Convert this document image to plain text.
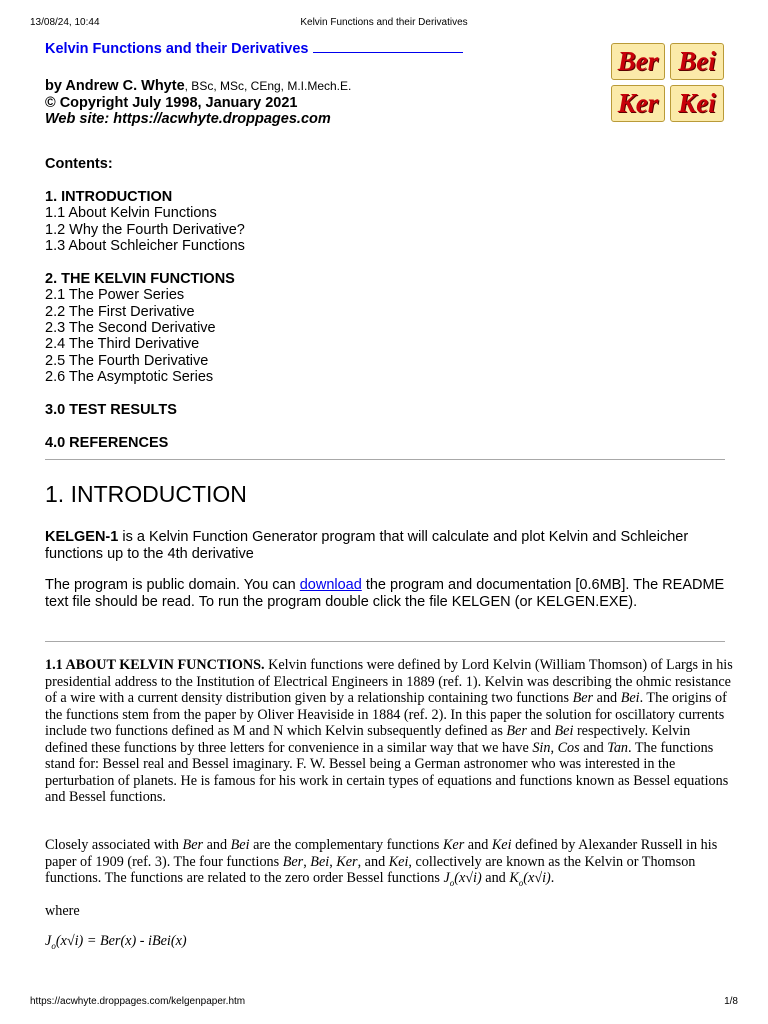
13/08/24, 10:44	Kelvin Functions and their Derivatives
Kelvin Functions and their Derivatives	Ber Bei
Ker Kei
by Andrew C. Whyte, BSc, MSc, CEng, M.I.Mech.E.
© Copyright July 1998, January 2021
Web site: https://acwhyte.droppages.com
Contents:
1. INTRODUCTION
1.1 About Kelvin Functions
1.2 Why the Fourth Derivative?
1.3 About Schleicher Functions
2. THE KELVIN FUNCTIONS
2.1 The Power Series
2.2 The First Derivative
2.3 The Second Derivative
2.4 The Third Derivative
2.5 The Fourth Derivative
2.6 The Asymptotic Series
3.0 TEST RESULTS
4.0 REFERENCES
1. INTRODUCTION
KELGEN-1 is a Kelvin Function Generator program that will calculate and plot Kelvin and Schleicher functions up to the 4th derivative
The program is public domain. You can download the program and documentation [0.6MB]. The README text file should be read. To run the program double click the file KELGEN (or KELGEN.EXE).
1.1 ABOUT KELVIN FUNCTIONS. Kelvin functions were defined by Lord Kelvin (William Thomson) of Largs in his presidential address to the Institution of Electrical Engineers in 1889 (ref. 1). Kelvin was describing the ohmic resistance of a wire with a current density distribution given by a relationship containing two functions Ber and Bei. The origins of the functions stem from the paper by Oliver Heaviside in 1884 (ref. 2). In this paper the solution for oscillatory currents include two functions defined as M and N which Kelvin subsequently defined as Ber and Bei respectively. Kelvin defined these functions by three letters for convenience in a similar way that we have Sin, Cos and Tan. The functions stand for: Bessel real and Bessel imaginary. F. W. Bessel being a German astronomer who was interested in the perturbation of planets. He is famous for his work in certain types of equations and functions known as Bessel equations and Bessel functions.
Closely associated with Ber and Bei are the complementary functions Ker and Kei defined by Alexander Russell in his paper of 1909 (ref. 3). The four functions Ber, Bei, Ker, and Kei, collectively are known as the Kelvin or Thomson functions. The functions are related to the zero order Bessel functions $J_o(x√i)$ and $K_o(x√i)$.
where
$J_o(x√i) = Ber(x)$ - iBei(x)
https://acwhyte.droppages.com/kelgenpaper.htm	1/8
